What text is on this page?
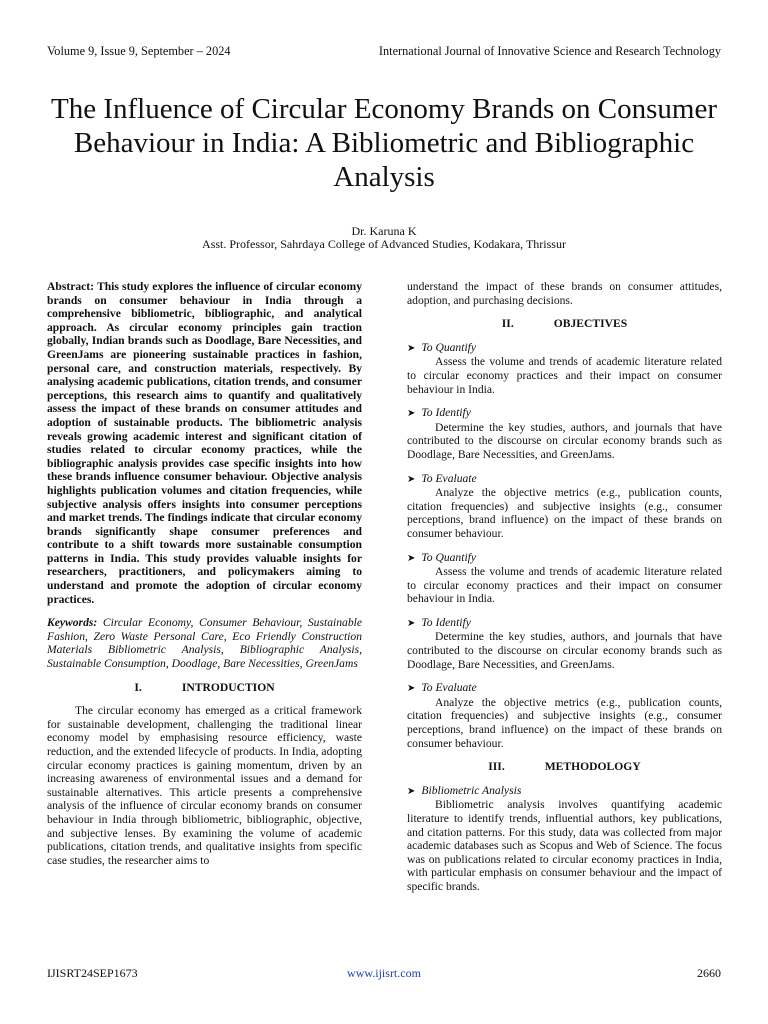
Volume 9, Issue 9, September – 2024	International Journal of Innovative Science and Research Technology
The Influence of Circular Economy Brands on Consumer Behaviour in India: A Bibliometric and Bibliographic Analysis
Dr. Karuna K
Asst. Professor, Sahrdaya College of Advanced Studies, Kodakara, Thrissur

Abstract: This study explores the influence of circular economy brands on consumer behaviour in India through a comprehensive bibliometric, bibliographic, and analytical approach. As circular economy principles gain traction globally, Indian brands such as Doodlage, Bare Necessities, and GreenJams are pioneering sustainable practices in fashion, personal care, and construction materials, respectively. By analysing academic publications, citation trends, and consumer perceptions, this research aims to quantify and qualitatively assess the impact of these brands on consumer attitudes and adoption of sustainable products. The bibliometric analysis reveals growing academic interest and significant citation of studies related to circular economy practices, while the bibliographic analysis provides case specific insights into how these brands influence consumer behaviour. Objective analysis highlights publication volumes and citation frequencies, while subjective analysis offers insights into consumer perceptions and market trends. The findings indicate that circular economy brands significantly shape consumer preferences and contribute to a shift towards more sustainable consumption patterns in India. This study provides valuable insights for researchers, practitioners, and policymakers aiming to understand and promote the adoption of circular economy practices.

Keywords: Circular Economy, Consumer Behaviour, Sustainable Fashion, Zero Waste Personal Care, Eco Friendly Construction Materials Bibliometric Analysis, Bibliographic Analysis, Sustainable Consumption, Doodlage, Bare Necessities, GreenJams

I.	INTRODUCTION

The circular economy has emerged as a critical framework for sustainable development, challenging the traditional linear economy model by emphasising resource efficiency, waste reduction, and the extended lifecycle of products. In India, adopting circular economy practices is gaining momentum, driven by an increasing awareness of environmental issues and a demand for sustainable alternatives. This article presents a comprehensive analysis of the influence of circular economy brands on consumer behaviour in India through bibliometric, bibliographic, objective, and subjective lenses. By examining the volume of academic publications, citation trends, and qualitative insights from specific case studies, the researcher aims to

understand the impact of these brands on consumer attitudes, adoption, and purchasing decisions.

II.	OBJECTIVES

➤ To Quantify

Assess the volume and trends of academic literature related to circular economy practices and their impact on consumer behaviour in India.

➤ To Identify

Determine the key studies, authors, and journals that have contributed to the discourse on circular economy brands such as Doodlage, Bare Necessities, and GreenJams.

➤ To Evaluate

Analyze the objective metrics (e.g., publication counts, citation frequencies) and subjective insights (e.g., consumer perceptions, brand influence) on the impact of these brands on consumer behaviour.

➤ To Quantify

Assess the volume and trends of academic literature related to circular economy practices and their impact on consumer behaviour in India.

➤ To Identify

Determine the key studies, authors, and journals that have contributed to the discourse on circular economy brands such as Doodlage, Bare Necessities, and GreenJams.

➤ To Evaluate

Analyze the objective metrics (e.g., publication counts, citation frequencies) and subjective insights (e.g., consumer perceptions, brand influence) on the impact of these brands on consumer behaviour.

III.	METHODOLOGY

➤ Bibliometric Analysis

Bibliometric analysis involves quantifying academic literature to identify trends, influential authors, key publications, and citation patterns. For this study, data was collected from major academic databases such as Scopus and Web of Science. The focus was on publications related to circular economy practices in India, with particular emphasis on consumer behaviour and the impact of specific brands.

IJISRT24SEP1673	www.ijisrt.com	2660
